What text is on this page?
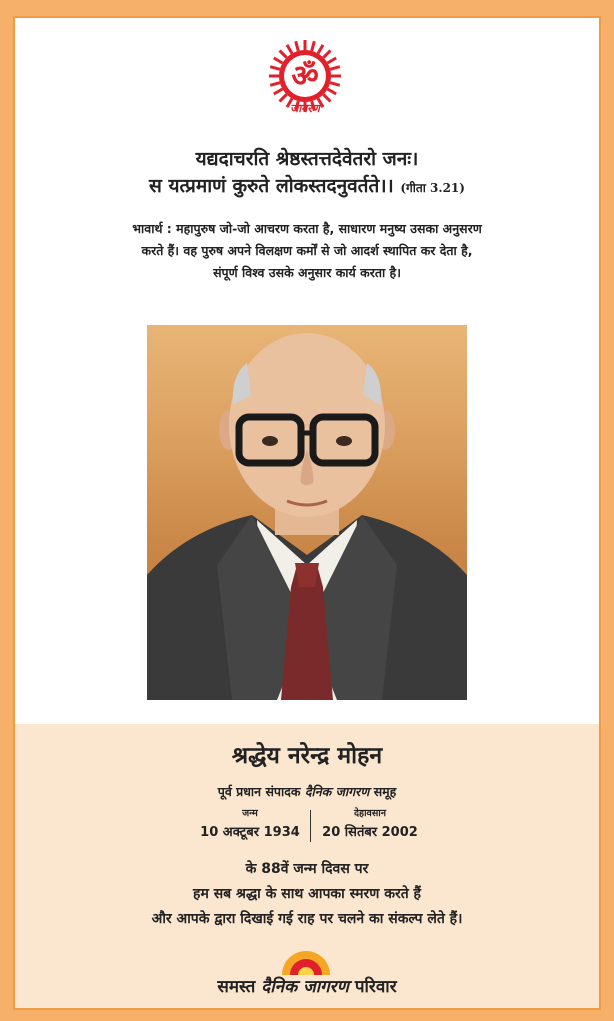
ॐ
जागरण

यद्यदाचरति श्रेष्ठस्तत्तदेवेतरो जनः।
स यत्प्रमाणं कुरुते लोकस्तदनुवर्तते।। (गीता 3.21)

भावार्थ : महापुरुष जो-जो आचरण करता है, साधारण मनुष्य उसका अनुसरण
करते हैं। वह पुरुष अपने विलक्षण कर्मों से जो आदर्श स्थापित कर देता है,
संपूर्ण विश्व उसके अनुसार कार्य करता है।

श्रद्धेय नरेन्द्र मोहन
पूर्व प्रधान संपादक दैनिक जागरण समूह
जन्म
10 अक्टूबर 1934
देहावसान
20 सितंबर 2002

के 88वें जन्म दिवस पर
हम सब श्रद्धा के साथ आपका स्मरण करते हैं
और आपके द्वारा दिखाई गई राह पर चलने का संकल्प लेते हैं।

समस्त दैनिक जागरण परिवार
